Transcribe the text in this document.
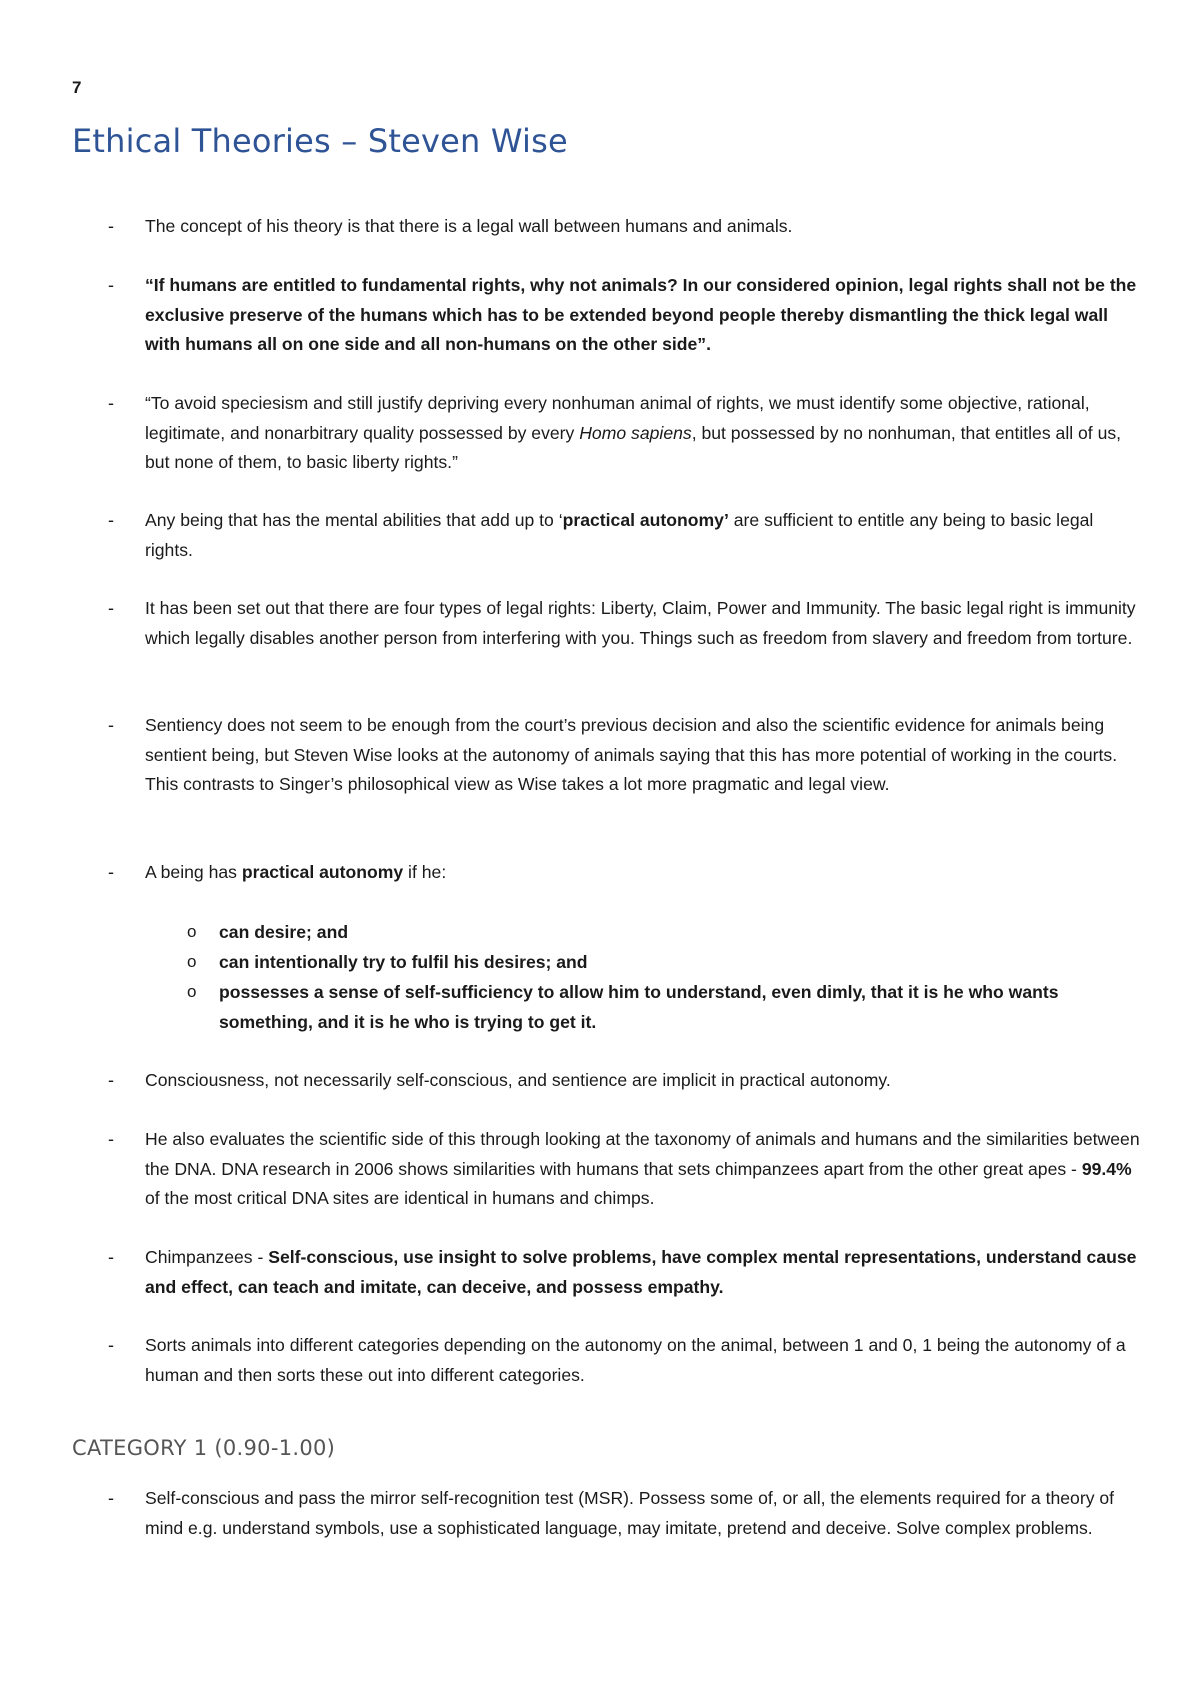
7
Ethical Theories – Steven Wise
- The concept of his theory is that there is a legal wall between humans and animals.
- “If humans are entitled to fundamental rights, why not animals? In our considered opinion, legal rights shall not be the exclusive preserve of the humans which has to be extended beyond people thereby dismantling the thick legal wall with humans all on one side and all non-humans on the other side”.
- “To avoid speciesism and still justify depriving every nonhuman animal of rights, we must identify some objective, rational, legitimate, and nonarbitrary quality possessed by every Homo sapiens, but possessed by no nonhuman, that entitles all of us, but none of them, to basic liberty rights.”
- Any being that has the mental abilities that add up to ‘practical autonomy’ are sufficient to entitle any being to basic legal rights.
- It has been set out that there are four types of legal rights: Liberty, Claim, Power and Immunity. The basic legal right is immunity which legally disables another person from interfering with you. Things such as freedom from slavery and freedom from torture.
- Sentiency does not seem to be enough from the court’s previous decision and also the scientific evidence for animals being sentient being, but Steven Wise looks at the autonomy of animals saying that this has more potential of working in the courts. This contrasts to Singer’s philosophical view as Wise takes a lot more pragmatic and legal view.
- A being has practical autonomy if he:
o can desire; and
o can intentionally try to fulfil his desires; and
o possesses a sense of self-sufficiency to allow him to understand, even dimly, that it is he who wants something, and it is he who is trying to get it.
- Consciousness, not necessarily self-conscious, and sentience are implicit in practical autonomy.
- He also evaluates the scientific side of this through looking at the taxonomy of animals and humans and the similarities between the DNA. DNA research in 2006 shows similarities with humans that sets chimpanzees apart from the other great apes - 99.4% of the most critical DNA sites are identical in humans and chimps.
- Chimpanzees - Self-conscious, use insight to solve problems, have complex mental representations, understand cause and effect, can teach and imitate, can deceive, and possess empathy.
- Sorts animals into different categories depending on the autonomy on the animal, between 1 and 0, 1 being the autonomy of a human and then sorts these out into different categories.
CATEGORY 1 (0.90-1.00)
- Self-conscious and pass the mirror self-recognition test (MSR). Possess some of, or all, the elements required for a theory of mind e.g. understand symbols, use a sophisticated language, may imitate, pretend and deceive. Solve complex problems.
